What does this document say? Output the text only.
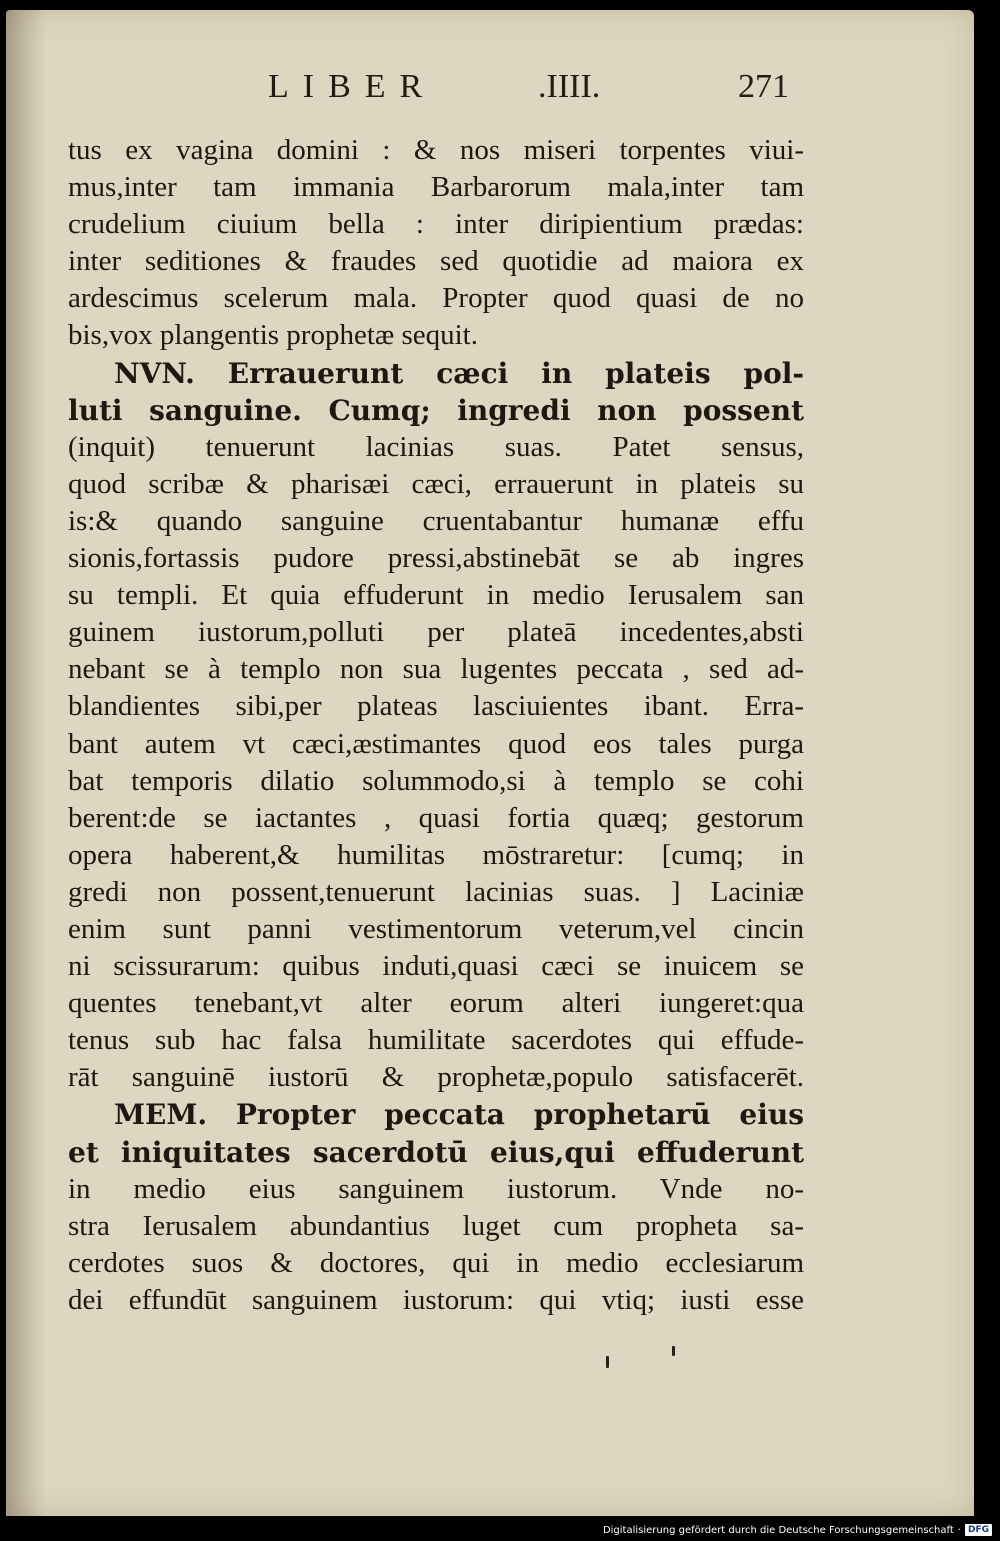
LIBER	.IIII.	271
tus ex vagina domini : & nos miseri torpentes viui-
mus,inter tam immania Barbarorum mala,inter tam
crudelium ciuium bella : inter diripientium prædas:
inter seditiones & fraudes sed quotidie ad maiora ex
ardescimus scelerum mala. Propter quod quasi de no
bis,vox plangentis prophetæ sequit.
NVN. Errauerunt cæci in plateis pol-
luti sanguine. Cumq; ingredi non possent
(inquit) tenuerunt lacinias suas. Patet sensus,
quod scribæ & pharisæi cæci, errauerunt in plateis su
is:& quando sanguine cruentabantur humanæ effu
sionis,fortassis pudore pressi,abstinebāt se ab ingres
su templi. Et quia effuderunt in medio Ierusalem san
guinem iustorum,polluti per plateā incedentes,absti
nebant se à templo non sua lugentes peccata , sed ad-
blandientes sibi,per plateas lasciuientes ibant. Erra-
bant autem vt cæci,æstimantes quod eos tales purga
bat temporis dilatio solummodo,si à templo se cohi
berent:de se iactantes , quasi fortia quæq; gestorum
opera haberent,& humilitas mōstraretur: [cumq; in
gredi non possent,tenuerunt lacinias suas. ] Laciniæ
enim sunt panni vestimentorum veterum,vel cincin
ni scissurarum: quibus induti,quasi cæci se inuicem se
quentes tenebant,vt alter eorum alteri iungeret:qua
tenus sub hac falsa humilitate sacerdotes qui effude-
rāt sanguinē iustorū & prophetæ,populo satisfacerēt.
MEM. Propter peccata prophetarū eius
et iniquitates sacerdotū eius,qui effuderunt
in medio eius sanguinem iustorum. Vnde no-
stra Ierusalem abundantius luget cum propheta sa-
cerdotes suos & doctores, qui in medio ecclesiarum
dei effundūt sanguinem iustorum: qui vtiq; iusti esse
Digitalisierung gefördert durch die Deutsche Forschungsgemeinschaft · DFG
